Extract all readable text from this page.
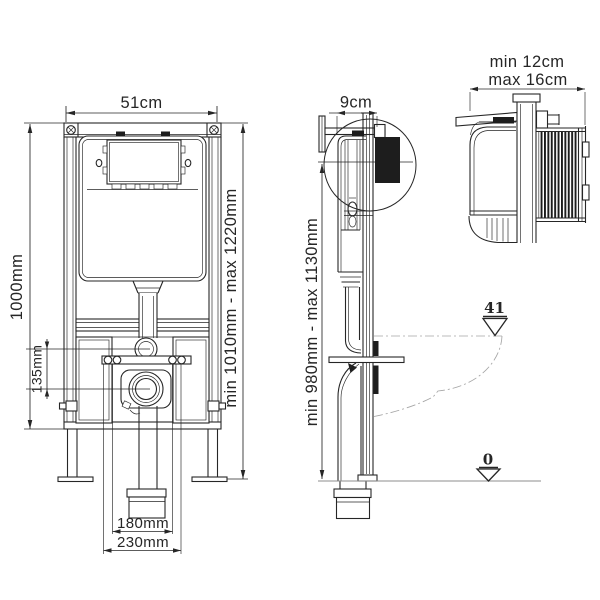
51cm
1000mm
135mm	min 1010mm - max 1220mm
180mm
230mm
41
0
9cm
min 980mm - max 1130mm
min 12cm
max 16cm
